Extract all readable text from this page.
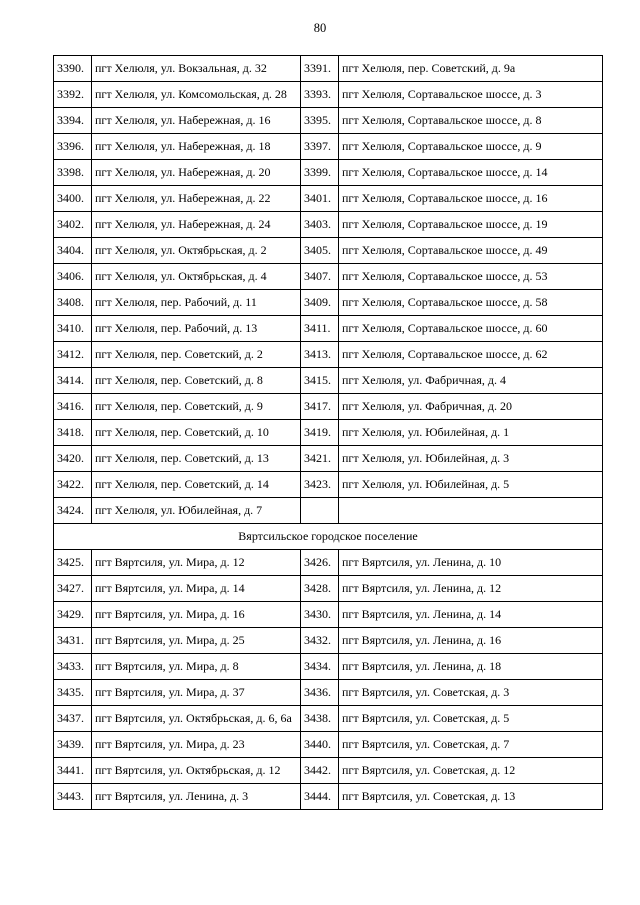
80
3390.	пгт Хелюля, ул. Вокзальная, д. 32	3391.	пгт Хелюля, пер. Советский, д. 9а
3392.	пгт Хелюля, ул. Комсомольская, д. 28	3393.	пгт Хелюля, Сортавальское шоссе, д. 3
3394.	пгт Хелюля, ул. Набережная, д. 16	3395.	пгт Хелюля, Сортавальское шоссе, д. 8
3396.	пгт Хелюля, ул. Набережная, д. 18	3397.	пгт Хелюля, Сортавальское шоссе, д. 9
3398.	пгт Хелюля, ул. Набережная, д. 20	3399.	пгт Хелюля, Сортавальское шоссе, д. 14
3400.	пгт Хелюля, ул. Набережная, д. 22	3401.	пгт Хелюля, Сортавальское шоссе, д. 16
3402.	пгт Хелюля, ул. Набережная, д. 24	3403.	пгт Хелюля, Сортавальское шоссе, д. 19
3404.	пгт Хелюля, ул. Октябрьская, д. 2	3405.	пгт Хелюля, Сортавальское шоссе, д. 49
3406.	пгт Хелюля, ул. Октябрьская, д. 4	3407.	пгт Хелюля, Сортавальское шоссе, д. 53
3408.	пгт Хелюля, пер. Рабочий, д. 11	3409.	пгт Хелюля, Сортавальское шоссе, д. 58
3410.	пгт Хелюля, пер. Рабочий, д. 13	3411.	пгт Хелюля, Сортавальское шоссе, д. 60
3412.	пгт Хелюля, пер. Советский, д. 2	3413.	пгт Хелюля, Сортавальское шоссе, д. 62
3414.	пгт Хелюля, пер. Советский, д. 8	3415.	пгт Хелюля, ул. Фабричная, д. 4
3416.	пгт Хелюля, пер. Советский, д. 9	3417.	пгт Хелюля, ул. Фабричная, д. 20
3418.	пгт Хелюля, пер. Советский, д. 10	3419.	пгт Хелюля, ул. Юбилейная, д. 1
3420.	пгт Хелюля, пер. Советский, д. 13	3421.	пгт Хелюля, ул. Юбилейная, д. 3
3422.	пгт Хелюля, пер. Советский, д. 14	3423.	пгт Хелюля, ул. Юбилейная, д. 5
3424.	пгт Хелюля, ул. Юбилейная, д. 7		
Вяртсильское городское поселение			
3425.	пгт Вяртсиля, ул. Мира, д. 12	3426.	пгт Вяртсиля, ул. Ленина, д. 10
3427.	пгт Вяртсиля, ул. Мира, д. 14	3428.	пгт Вяртсиля, ул. Ленина, д. 12
3429.	пгт Вяртсиля, ул. Мира, д. 16	3430.	пгт Вяртсиля, ул. Ленина, д. 14
3431.	пгт Вяртсиля, ул. Мира, д. 25	3432.	пгт Вяртсиля, ул. Ленина, д. 16
3433.	пгт Вяртсиля, ул. Мира, д. 8	3434.	пгт Вяртсиля, ул. Ленина, д. 18
3435.	пгт Вяртсиля, ул. Мира, д. 37	3436.	пгт Вяртсиля, ул. Советская, д. 3
3437.	пгт Вяртсиля, ул. Октябрьская, д. 6, 6а	3438.	пгт Вяртсиля, ул. Советская, д. 5
3439.	пгт Вяртсиля, ул. Мира, д. 23	3440.	пгт Вяртсиля, ул. Советская, д. 7
3441.	пгт Вяртсиля, ул. Октябрьская, д. 12	3442.	пгт Вяртсиля, ул. Советская, д. 12
3443.	пгт Вяртсиля, ул. Ленина, д. 3	3444.	пгт Вяртсиля, ул. Советская, д. 13
